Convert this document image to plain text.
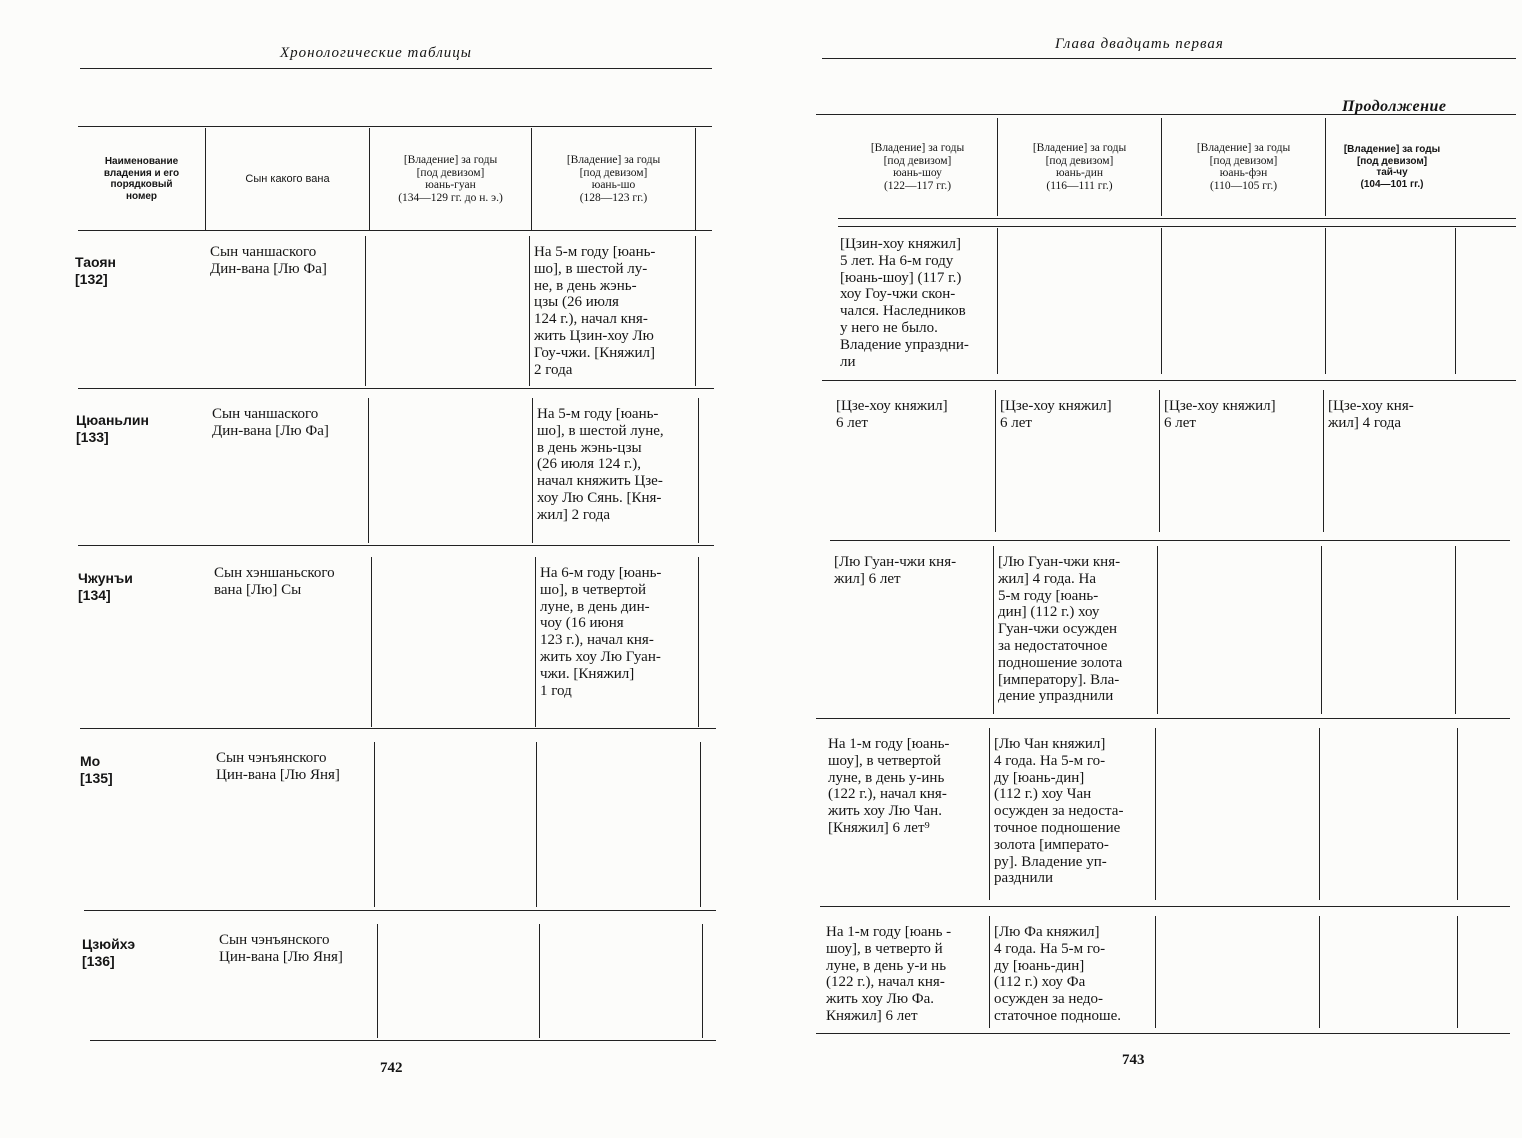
Хронологические таблицы
Наименование
владения и его
порядковый
номер
Сын какого вана
[Владение] за годы
[под девизом]
юань-гуан
(134—129 гг. до н. э.)
[Владение] за годы
[под девизом]
юань-шо
(128—123 гг.)
Таоян
[132]
Сын чаншаского
Дин-вана [Лю Фа]
На 5-м году [юань-
шо], в шестой лу-
не, в день жэнь-
цзы (26 июля
124 г.), начал кня-
жить Цзин-хоу Лю
Гоу-чжи. [Княжил]
2 года
Цюаньлин
[133]
Сын чаншаского
Дин-вана [Лю Фа]
На 5-м году [юань-
шо], в шестой луне,
в день жэнь-цзы
(26 июля 124 г.),
начал княжить Цзе-
хоу Лю Сянь. [Кня-
жил] 2 года
Чжунъи
[134]
Сын хэншаньского
вана [Лю] Сы
На 6-м году [юань-
шо], в четвертой
луне, в день дин-
чоу (16 июня
123 г.), начал кня-
жить хоу Лю Гуан-
чжи. [Княжил]
1 год
Мо
[135]
Сын чэнъянского
Цин-вана [Лю Яня]
Цзюйхэ
[136]
Сын чэнъянского
Цин-вана [Лю Яня]
742
Глава двадцать первая
Продолжение
[Владение] за годы
[под девизом]
юань-шоу
(122—117 гг.)
[Владение] за годы
[под девизом]
юань-дин
(116—111 гг.)
[Владение] за годы
[под девизом]
юань-фэн
(110—105 гг.)
[Владение] за годы
[под девизом]
тай-чу
(104—101 гг.)
[Цзин-хоу княжил]
5 лет. На 6-м году
[юань-шоу] (117 г.)
хоу Гоу-чжи скон-
чался. Наследников
у него не было.
Владение упраздни-
ли
[Цзе-хоу княжил]
6 лет
[Цзе-хоу княжил]
6 лет
[Цзе-хоу княжил]
6 лет
[Цзе-хоу кня-
жил] 4 года
[Лю Гуан-чжи кня-
жил] 6 лет
[Лю Гуан-чжи кня-
жил] 4 года. На
5-м году [юань-
дин] (112 г.) хоу
Гуан-чжи осужден
за недостаточное
подношение золота
[императору]. Вла-
дение упразднили
На 1-м году [юань-
шоу], в четвертой
луне, в день у-инь
(122 г.), начал кня-
жить хоу Лю Чан.
[Княжил] 6 лет⁹
[Лю Чан княжил]
4 года. На 5-м го-
ду [юань-дин]
(112 г.) хоу Чан
осужден за недоста-
точное подношение
золота [императо-
ру]. Владение уп-
разднили
На 1-м году [юань -
шоу], в четверто й
луне, в день у-и нь
(122 г.), начал кня-
жить хоу Лю Фа.
Княжил] 6 лет
[Лю Фа княжил]
4 года. На 5-м го-
ду [юань-дин]
(112 г.) хоу Фа
осужден за недо-
статочное подноше.
743
